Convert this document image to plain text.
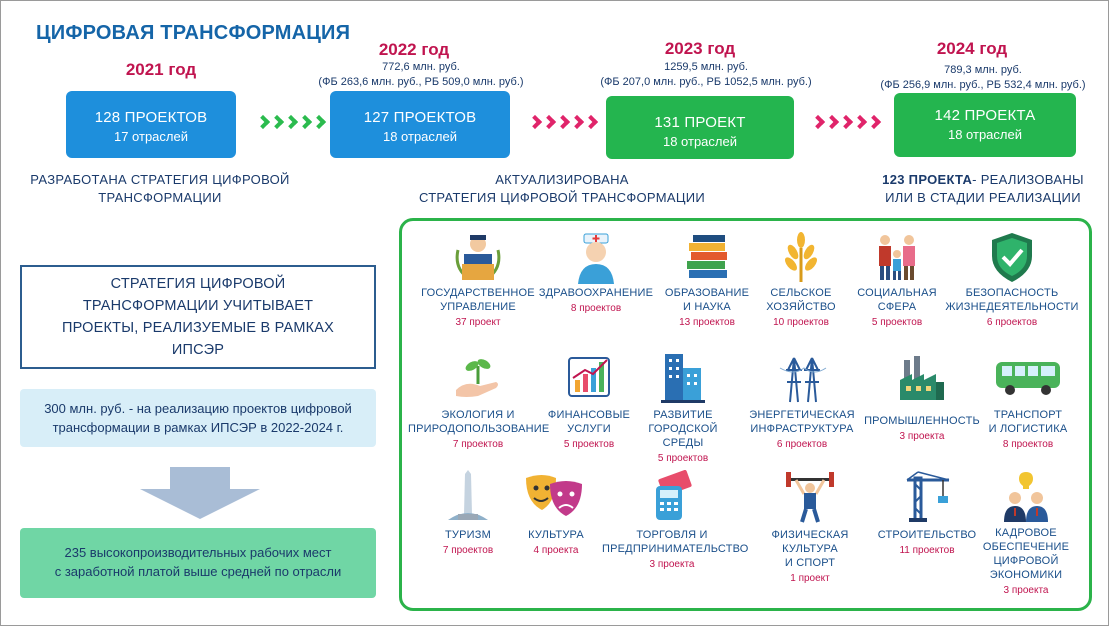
ЦИФРОВАЯ ТРАНСФОРМАЦИЯ
2021 год
2022 год
772,6 млн. руб.
(ФБ 263,6 млн. руб., РБ 509,0 млн. руб.)
2023 год
1259,5 млн. руб.
(ФБ 207,0 млн. руб., РБ 1052,5 млн. руб.)
2024 год
789,3 млн. руб.
(ФБ 256,9 млн. руб., РБ 532,4 млн. руб.)
128 ПРОЕКТОВ
17 отраслей
127 ПРОЕКТОВ
18 отраслей
131 ПРОЕКТ
18 отраслей
142 ПРОЕКТА
18 отраслей
РАЗРАБОТАНА СТРАТЕГИЯ ЦИФРОВОЙ
ТРАНСФОРМАЦИИ
АКТУАЛИЗИРОВАНА
СТРАТЕГИЯ ЦИФРОВОЙ ТРАНСФОРМАЦИИ
123 ПРОЕКТА- РЕАЛИЗОВАНЫ
ИЛИ В СТАДИИ РЕАЛИЗАЦИИ
СТРАТЕГИЯ ЦИФРОВОЙ
ТРАНСФОРМАЦИИ УЧИТЫВАЕТ
ПРОЕКТЫ, РЕАЛИЗУЕМЫЕ В РАМКАХ
ИПСЭР
300 млн. руб. - на реализацию проектов цифровой
трансформации в рамках ИПСЭР в 2022-2024 г.
235 высокопроизводительных рабочих мест
с заработной платой выше средней по отрасли
ГОСУДАРСТВЕННОЕ
УПРАВЛЕНИЕ
37 проект
ЗДРАВООХРАНЕНИЕ
8 проектов
ОБРАЗОВАНИЕ
И НАУКА
13 проектов
СЕЛЬСКОЕ
ХОЗЯЙСТВО
10 проектов
СОЦИАЛЬНАЯ
СФЕРА
5 проектов
БЕЗОПАСНОСТЬ
ЖИЗНЕДЕЯТЕЛЬНОСТИ
6 проектов
ЭКОЛОГИЯ И
ПРИРОДОПОЛЬЗОВАНИЕ
7 проектов
ФИНАНСОВЫЕ
УСЛУГИ
5 проектов
РАЗВИТИЕ
ГОРОДСКОЙ
СРЕДЫ
5 проектов
ЭНЕРГЕТИЧЕСКАЯ
ИНФРАСТРУКТУРА
6 проектов
ПРОМЫШЛЕННОСТЬ
3 проекта
ТРАНСПОРТ
И ЛОГИСТИКА
8 проектов
ТУРИЗМ
7 проектов
КУЛЬТУРА
4 проекта
ТОРГОВЛЯ И
ПРЕДПРИНИМАТЕЛЬСТВО
3 проекта
ФИЗИЧЕСКАЯ
КУЛЬТУРА
И СПОРТ
1 проект
СТРОИТЕЛЬСТВО
11 проектов
КАДРОВОЕ
ОБЕСПЕЧЕНИЕ
ЦИФРОВОЙ
ЭКОНОМИКИ
3 проекта
